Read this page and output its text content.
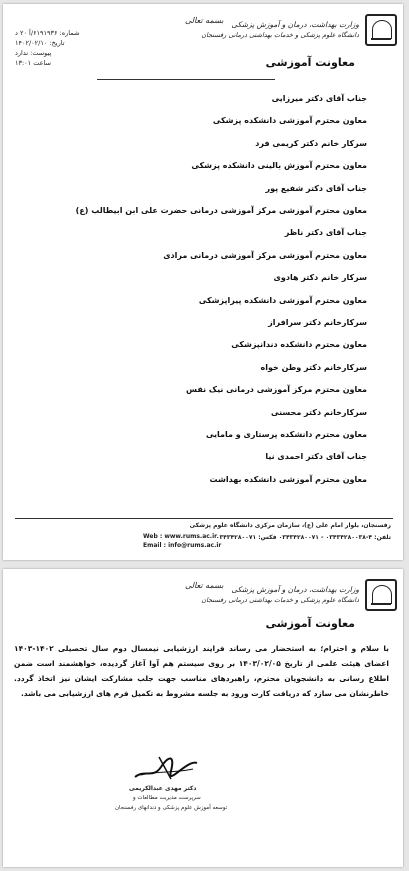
وزارت بهداشت، درمان و آموزش پزشکی
دانشگاه علوم پزشکی و خدمات بهداشتی درمانی رفسنجان
معاونت آموزشی
بسمه تعالی
شماره: ۶۱۹۱۹۳۶/آ ۲۰ د
تاریخ: ۱۴۰۲/۰۲/۱۰
پیوست: ندارد
ساعت ۱۳:۰۱
رفسنجان، بلوار امام علی (ع)، سازمان مرکزی دانشگاه علوم پزشکی
تلفن: ۴-۰۳۴۳۴۲۸۰۰۳۸ - ۰۳۴۳۴۲۸۰۰۷۱ فکس: ۰۳۴۳۴۲۸۰۰۷۱
Web : www.rums.ac.ir
Email : info@rums.ac.ir
جناب آقای دکتر میرزایی
معاون محترم آموزشی دانشکده پزشکی
سرکار خانم دکتر کریمی فرد
معاون محترم آموزش بالینی دانشکده پزشکی
جناب آقای دکتر شفیع پور
معاون محترم آموزشی مرکز آموزشی درمانی حضرت علی ابن ابیطالب (ع)
جناب آقای دکتر ناظر
معاون محترم آموزشی مرکز آموزشی درمانی مرادی
سرکار خانم دکتر هادوی
معاون محترم آموزشی دانشکده پیراپزشکی
سرکارخانم دکتر سرافراز
معاون محترم دانشکده دندانپزشکی
سرکارخانم دکتر وطن خواه
معاون محترم مرکز آموزشی درمانی نیک نفس
سرکارخانم دکتر محسنی
معاون محترم دانشکده پرستاری و مامایی
جناب آقای دکتر احمدی نیا
معاون محترم آموزشی دانشکده بهداشت
وزارت بهداشت، درمان و آموزش پزشکی
دانشگاه علوم پزشکی و خدمات بهداشتی درمانی رفسنجان
معاونت آموزشی
بسمه تعالی
با سلام و احترام؛ به استحضار می رساند فرایند ارزشیابی نیمسال دوم سال تحصیلی ۱۴۰۲-۱۴۰۳ اعضای هیئت علمی از تاریخ ۱۴۰۳/۰۲/۰۵ بر روی سیستم هم آوا آغاز گردیده، خواهشمند است ضمن اطلاع رسانی به دانشجویان محترم، راهبردهای مناسب جهت جلب مشارکت ایشان نیز اتخاذ گردد. خاطرنشان می سازد که دریافت کارت ورود به جلسه مشروط به تکمیل فرم های ارزشیابی می باشد.
دکتر مهدی عبدالکریمی
سرپرست مدیریت مطالعات و
توسعه آموزش علوم پزشکی و دندانهای رفسنجان
